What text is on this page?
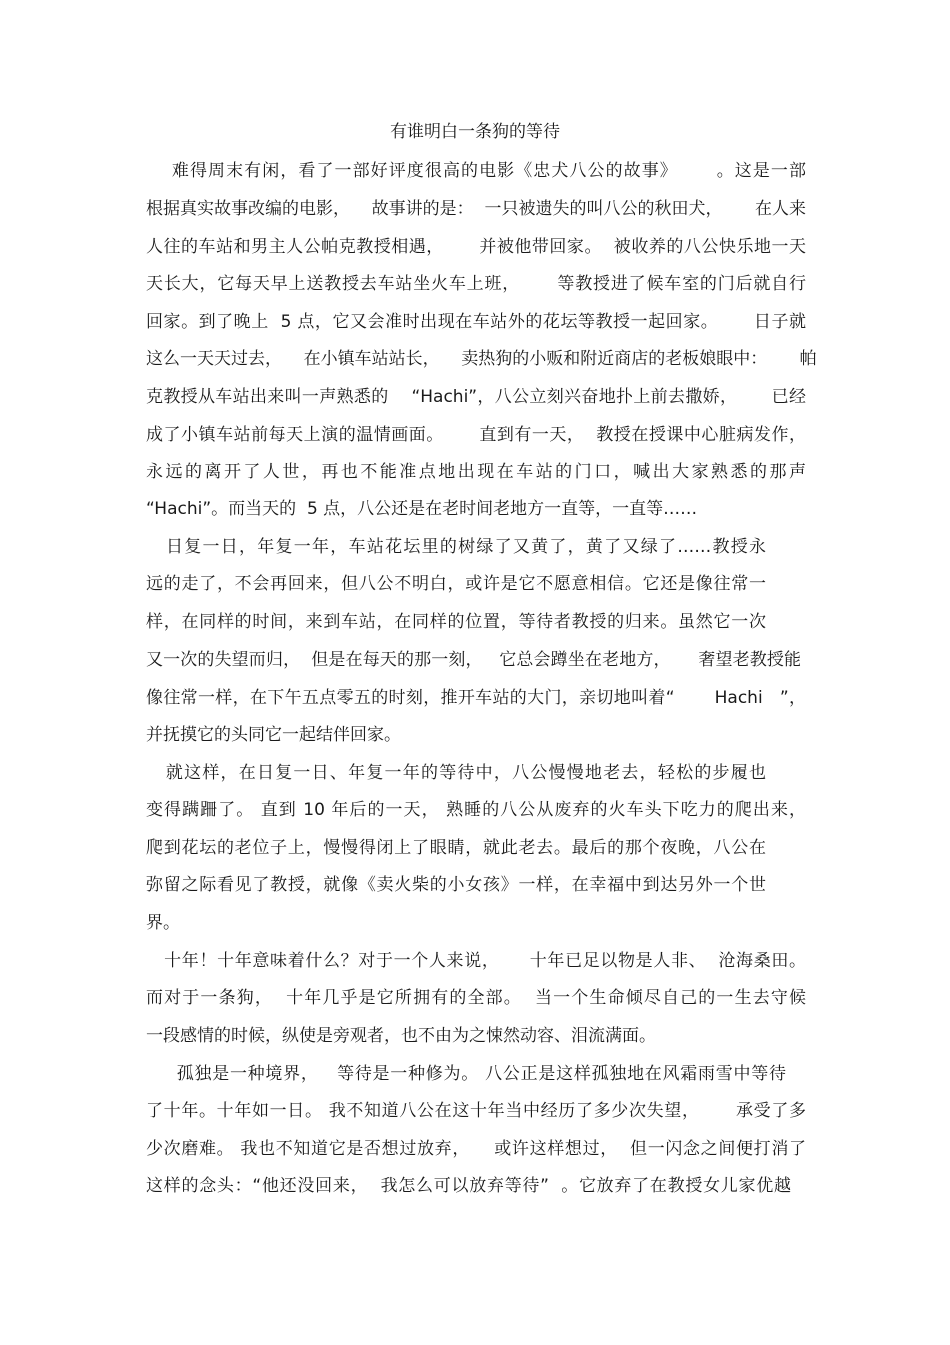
有谁明白一条狗的等待

难得周末有闲，看了一部好评度很高的电影《忠犬八公的故事》      。这是一部

根据真实故事改编的电影，    故事讲的是：  一只被遗失的叫八公的秋田犬，      在人来

人往的车站和男主人公帕克教授相遇，      并被他带回家。  被收养的八公快乐地一天

天长大，它每天早上送教授去车站坐火车上班，      等教授进了候车室的门后就自行

回家。到了晚上  5 点，它又会准时出现在车站外的花坛等教授一起回家。      日子就

这么一天天过去，    在小镇车站站长，    卖热狗的小贩和附近商店的老板娘眼中：      帕

克教授从车站出来叫一声熟悉的    “Hachi”，八公立刻兴奋地扑上前去撒娇，      已经

成了小镇车站前每天上演的温情画面。      直到有一天，  教授在授课中心脏病发作，

永远的离开了人世，再也不能准点地出现在车站的门口，喊出大家熟悉的那声

“Hachi”。而当天的  5 点，八公还是在老时间老地方一直等，一直等……

日复一日，年复一年，车站花坛里的树绿了又黄了，黄了又绿了……教授永

远的走了，不会再回来，但八公不明白，或许是它不愿意相信。它还是像往常一

样，在同样的时间，来到车站，在同样的位置，等待者教授的归来。虽然它一次

又一次的失望而归，  但是在每天的那一刻，   它总会蹲坐在老地方，     奢望老教授能

像往常一样，在下午五点零五的时刻，推开车站的大门，亲切地叫着“       Hachi   ”，

并抚摸它的头同它一起结伴回家。

就这样，在日复一日、年复一年的等待中，八公慢慢地老去，轻松的步履也

变得蹒跚了。 直到 10 年后的一天， 熟睡的八公从废弃的火车头下吃力的爬出来，

爬到花坛的老位子上，慢慢得闭上了眼睛，就此老去。最后的那个夜晚，八公在

弥留之际看见了教授，就像《卖火柴的小女孩》一样，在幸福中到达另外一个世

界。

十年！十年意味着什么？对于一个人来说，     十年已足以物是人非、  沧海桑田。

而对于一条狗，  十年几乎是它所拥有的全部。  当一个生命倾尽自己的一生去守候

一段感情的时候，纵使是旁观者，也不由为之悚然动容、泪流满面。

孤独是一种境界，   等待是一种修为。 八公正是这样孤独地在风霜雨雪中等待

了十年。十年如一日。 我不知道八公在这十年当中经历了多少次失望，      承受了多

少次磨难。 我也不知道它是否想过放弃，    或许这样想过，  但一闪念之间便打消了

这样的念头：“他还没回来，  我怎么可以放弃等待”  。它放弃了在教授女儿家优越
